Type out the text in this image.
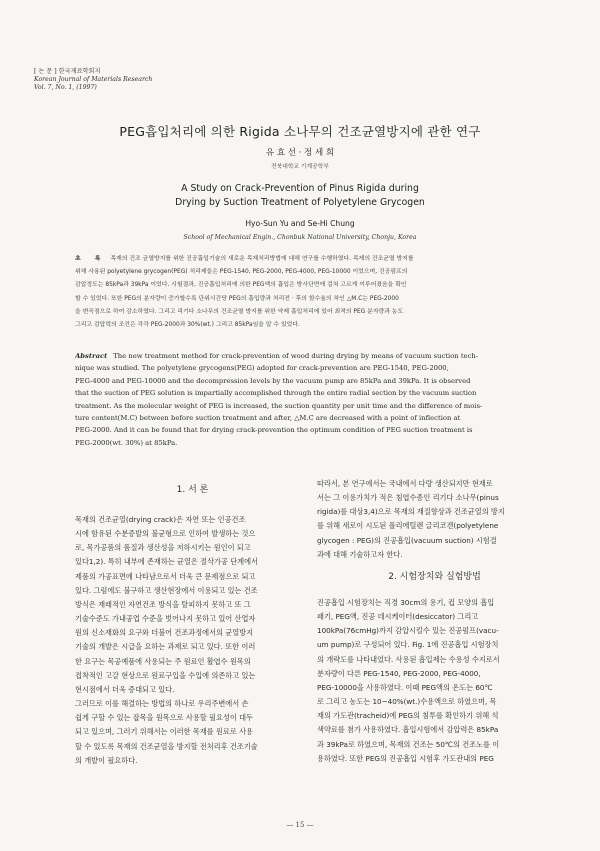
[ 논 문 ] 한국재료학회지
Korean Journal of Materials Research
Vol. 7, No. 1, (1997)
PEG흡입처리에 의한 Rigida 소나무의 건조균열방지에 관한 연구
유 효 선 · 정 세 희
전북대학교 기계공학부
A Study on Crack-Prevention of Pinus Rigida during
Drying by Suction Treatment of Polyetylene Grycogen
Hyo-Sun Yu and Se-Hi Chung
School of Mechanical Engin., Chonbuk National University, Chonju, Korea
초 록 목재의 건조 균열방지를 위한 진공흡입기술의 새로운 목재처리방법에 대해 연구를 수행하였다. 목재의 건조균열 방지를
위해 사용된 polyetylene grycogen(PEG) 처리제들은 PEG-1540, PEG-2000, PEG-4000, PEG-10000 이었으며, 진공펌프의
감압정도는 85kPa과 39kPa 이었다. 시험결과, 진공흡입처리에 의한 PEG액의 흡입은 방사단면에 걸쳐 고르게 이루어졌음을 확인
할 수 있었다. 또한 PEG의 분자량이 증가할수록 단위시간당 PEG의 흡입량과 처리전 · 후의 함수율의 차인 △M.C는 PEG-2000
을 변곡점으로 하여 감소하였다. 그리고 리기다 소나무의 건조균열 방지를 위한 약제 흡입처리에 있어 최적의 PEG 분자량과 농도
그리고 감압력의 조건은 각각 PEG-2000과 30%(wt.) 그리고 85kPa임을 알 수 있었다.
Abstract The new treatment method for crack-prevention of wood during drying by means of vacuum suction tech-
nique was studied. The polyetylene grycogens(PEG) adopted for crack-prevention are PEG-1540, PEG-2000,
PEG-4000 and PEG-10000 and the decompression levels by the vacuum pump are 85kPa and 39kPa. It is observed
that the suction of PEG solution is impartially accomplished through the entire radial section by the vacuum suction
treatment. As the molecular weight of PEG is increased, the suction quantity per unit time and the difference of mois-
ture content(M.C) between before suction treatment and after, △M.C are decreased with a point of inflection at
PEG-2000. And it can be found that for drying crack-prevention the optimum condition of PEG suction treatment is
PEG-2000(wt. 30%) at 85kPa.
1. 서 론
목재의 건조균열(drying crack)은 자연 또는 인공건조
시에 함유된 수분증발의 불균형으로 인하여 발생하는 것으
로, 목가공품의 품질과 생산성을 저하시키는 원인이 되고
있다1,2). 특히 내부에 존재하는 균열은 절삭가공 단계에서
제품의 가공표면에 나타남으로서 더욱 큰 문제점으로 되고
있다. 그럼에도 불구하고 생산현장에서 이용되고 있는 건조
방식은 재래적인 자연건조 방식을 탈피하지 못하고 또 그
기술수준도 가내공업 수준을 벗어나지 못하고 있어 산업자
원의 신소재화의 요구와 더불어 건조과정에서의 균열방지
기술의 개발은 시급을 요하는 과제로 되고 있다. 또한 이러
한 요구는 목공예품에 사용되는 주 원료인 활엽수 원목의
접착적인 고갈 현상으로 원료구입을 수입에 의존하고 있는
현시점에서 더욱 증대되고 있다.
그러므로 이를 해결하는 방법의 하나로 우리주변에서 손
쉽게 구할 수 있는 잡목을 원목으로 사용할 필요성이 대두
되고 있으며, 그러기 위해서는 이러한 목재를 원료로 사용
할 수 있도록 목재의 건조균열을 방지할 전처리후 건조기술
의 개발이 필요하다.
따라서, 본 연구에서는 국내에서 다량 생산되지만 현재로
서는 그 이용가치가 적은 침엽수종인 리기다 소나무(pinus
rigida)를 대상3,4)으로 목재의 재질향상과 건조균열의 방지
를 위해 새로이 시도된 폴리에틸렌 글리코겐(polyetylene
glycogen : PEG)의 진공흡입(vacuum suction) 시험결
과에 대해 기술하고자 한다.
2. 시험장치와 실험방법
진공흡입 시험장치는 직경 30cm의 용기, 컵 모양의 흡입
패기, PEG액, 진공 데시케이터(desiccator) 그리고
100kPa(76cmHg)까지 감압시킬수 있는 진공펌프(vacu-
um pump)로 구성되어 있다. Fig. 1에 진공흡입 시험장치
의 개략도를 나타내었다. 사용된 흡입제는 수용성 수지로서
분자량이 다른 PEG-1540, PEG-2000, PEG-4000,
PEG-10000을 사용하였다. 이때 PEG액의 온도는 60℃
로 그리고 농도는 10~40%(wt.)수용액으로 하였으며, 목
재의 가도관(tracheid)에 PEG의 침투를 확인하기 위해 석
색약료를 첨가 사용하였다. 흡입시험에서 감압력은 85kPa
과 39kPa로 하였으며, 목재의 건조는 50℃의 건조노를 이
용하였다. 또한 PEG의 진공흡입 시험후 가도관내의 PEG
— 15 —
